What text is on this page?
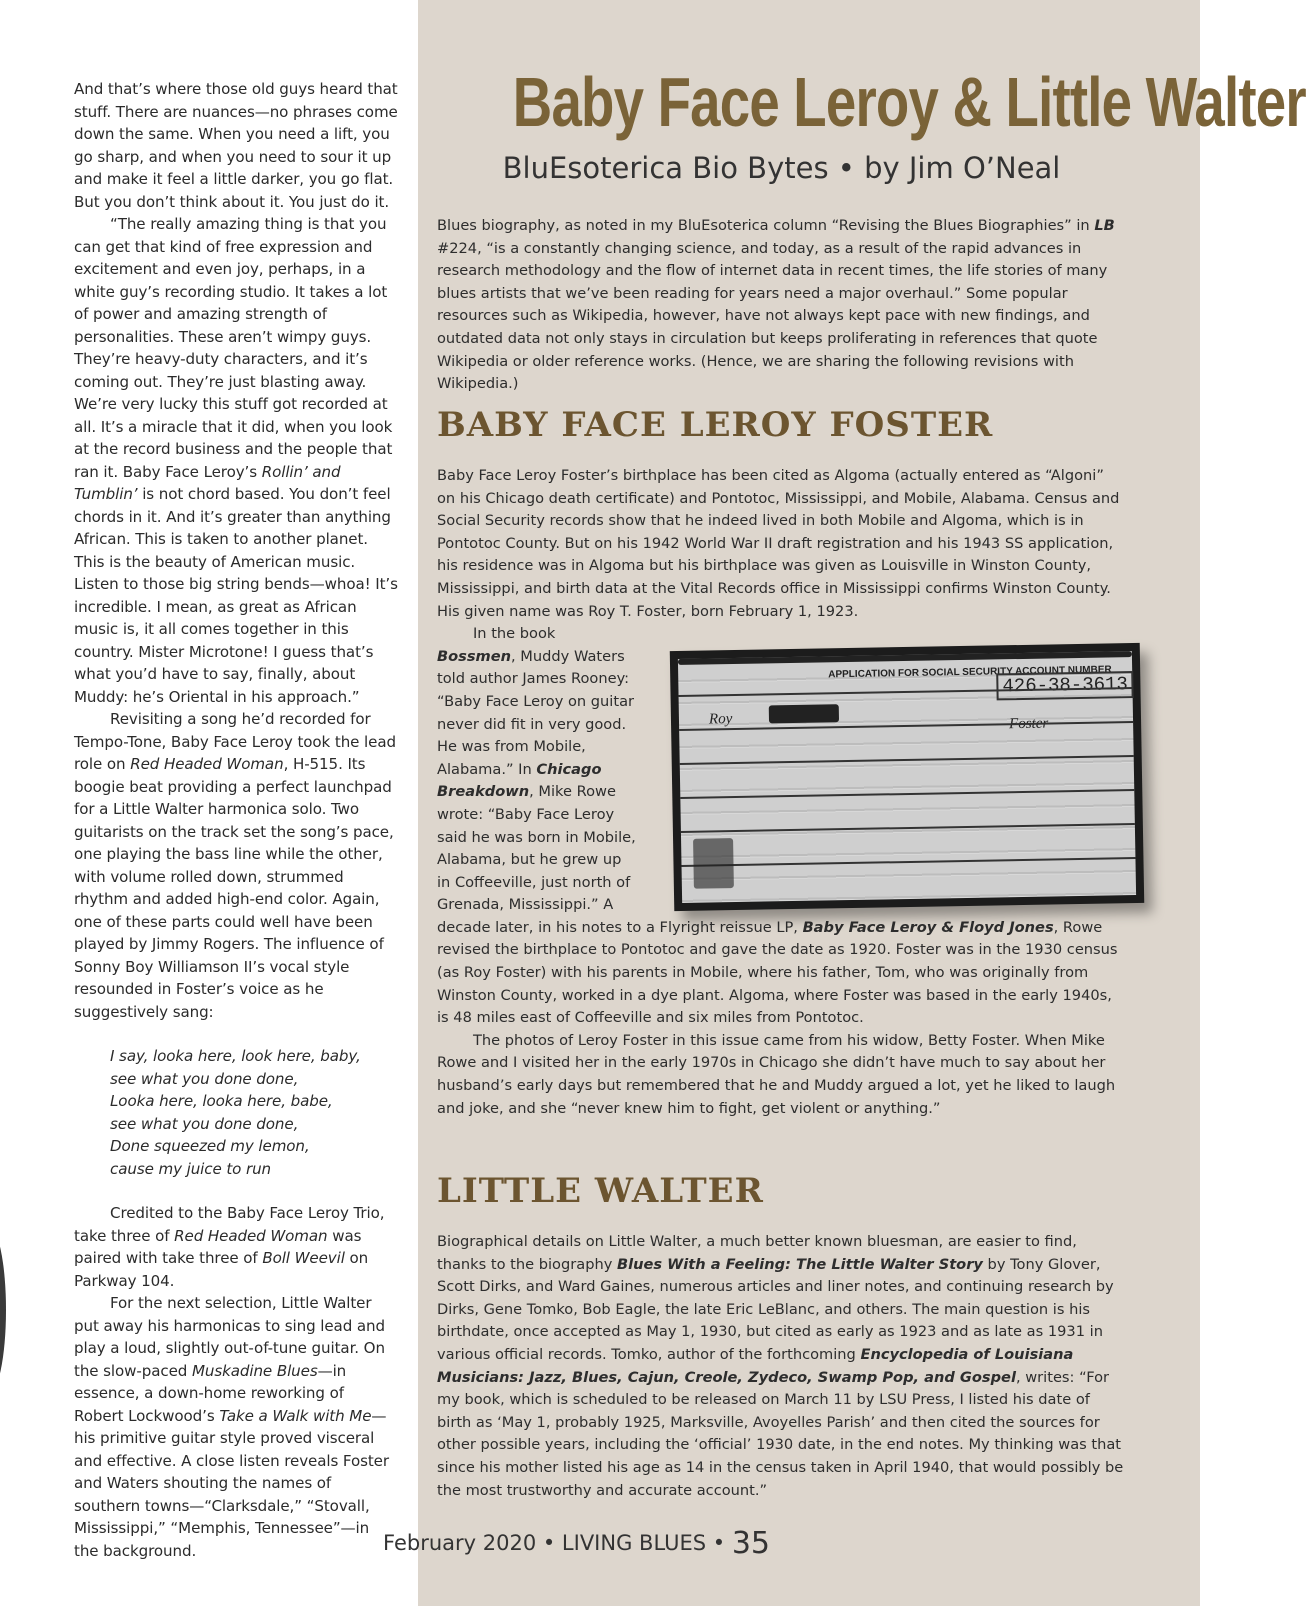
And that’s where those old guys heard that stuff. There are nuances—no phrases come down the same. When you need a lift, you go sharp, and when you need to sour it up and make it feel a little darker, you go flat. But you don’t think about it. You just do it.

“The really amazing thing is that you can get that kind of free expression and excitement and even joy, perhaps, in a white guy’s recording studio. It takes a lot of power and amazing strength of personalities. These aren’t wimpy guys. They’re heavy-duty characters, and it’s coming out. They’re just blasting away. We’re very lucky this stuff got recorded at all. It’s a miracle that it did, when you look at the record business and the people that ran it. Baby Face Leroy’s Rollin’ and Tumblin’ is not chord based. You don’t feel chords in it. And it’s greater than anything African. This is taken to another planet. This is the beauty of American music. Listen to those big string bends—whoa! It’s incredible. I mean, as great as African music is, it all comes together in this country. Mister Microtone! I guess that’s what you’d have to say, finally, about Muddy: he’s Oriental in his approach.”

Revisiting a song he’d recorded for Tempo-Tone, Baby Face Leroy took the lead role on Red Headed Woman, H-515. Its boogie beat providing a perfect launchpad for a Little Walter harmonica solo. Two guitarists on the track set the song’s pace, one playing the bass line while the other, with volume rolled down, strummed rhythm and added high-end color. Again, one of these parts could well have been played by Jimmy Rogers. The influence of Sonny Boy Williamson II’s vocal style resounded in Foster’s voice as he suggestively sang:

I say, looka here, look here, baby,
see what you done done,
Looka here, looka here, babe,
see what you done done,
Done squeezed my lemon,
cause my juice to run

Credited to the Baby Face Leroy Trio, take three of Red Headed Woman was paired with take three of Boll Weevil on Parkway 104.

For the next selection, Little Walter put away his harmonicas to sing lead and play a loud, slightly out-of-tune guitar. On the slow-paced Muskadine Blues—in essence, a down-home reworking of Robert Lockwood’s Take a Walk with Me—his primitive guitar style proved visceral and effective. A close listen reveals Foster and Waters shouting the names of southern towns—“Clarksdale,” “Stovall, Mississippi,” “Memphis, Tennessee”—in the background.

Baby Face Leroy & Little Walter
BluEsoterica Bio Bytes • by Jim O’Neal

Blues biography, as noted in my BluEsoterica column “Revising the Blues Biographies” in LB #224, “is a constantly changing science, and today, as a result of the rapid advances in research methodology and the flow of internet data in recent times, the life stories of many blues artists that we’ve been reading for years need a major overhaul.” Some popular resources such as Wikipedia, however, have not always kept pace with new findings, and outdated data not only stays in circulation but keeps proliferating in references that quote Wikipedia or older reference works. (Hence, we are sharing the following revisions with Wikipedia.)

BABY FACE LEROY FOSTER

Baby Face Leroy Foster’s birthplace has been cited as Algoma (actually entered as “Algoni” on his Chicago death certificate) and Pontotoc, Mississippi, and Mobile, Alabama. Census and Social Security records show that he indeed lived in both Mobile and Algoma, which is in Pontotoc County. But on his 1942 World War II draft registration and his 1943 SS application, his residence was in Algoma but his birthplace was given as Louisville in Winston County, Mississippi, and birth data at the Vital Records office in Mississippi confirms Winston County. His given name was Roy T. Foster, born February 1, 1923.

APPLICATION FOR SOCIAL SECURITY ACCOUNT NUMBER
426-38-3613
Roy

In the book Bossmen, Muddy Waters told author James Rooney: “Baby Face Leroy on guitar never did fit in very good. He was from Mobile, Alabama.” In Chicago Breakdown, Mike Rowe wrote: “Baby Face Leroy said he was born in Mobile, Alabama, but he grew up in Coffeeville, just north of Grenada, Mississippi.” A decade later, in his notes to a Flyright reissue LP, Baby Face Leroy & Floyd Jones, Rowe revised the birthplace to Pontotoc and gave the date as 1920. Foster was in the 1930 census (as Roy Foster) with his parents in Mobile, where his father, Tom, who was originally from Winston County, worked in a dye plant. Algoma, where Foster was based in the early 1940s, is 48 miles east of Coffeeville and six miles from Pontotoc.

The photos of Leroy Foster in this issue came from his widow, Betty Foster. When Mike Rowe and I visited her in the early 1970s in Chicago she didn’t have much to say about her husband’s early days but remembered that he and Muddy argued a lot, yet he liked to laugh and joke, and she “never knew him to fight, get violent or anything.”

LITTLE WALTER

Biographical details on Little Walter, a much better known bluesman, are easier to find, thanks to the biography Blues With a Feeling: The Little Walter Story by Tony Glover, Scott Dirks, and Ward Gaines, numerous articles and liner notes, and continuing research by Dirks, Gene Tomko, Bob Eagle, the late Eric LeBlanc, and others. The main question is his birthdate, once accepted as May 1, 1930, but cited as early as 1923 and as late as 1931 in various official records. Tomko, author of the forthcoming Encyclopedia of Louisiana Musicians: Jazz, Blues, Cajun, Creole, Zydeco, Swamp Pop, and Gospel, writes: “For my book, which is scheduled to be released on March 11 by LSU Press, I listed his date of birth as ‘May 1, probably 1925, Marksville, Avoyelles Parish’ and then cited the sources for other possible years, including the ‘official’ 1930 date, in the end notes. My thinking was that since his mother listed his age as 14 in the census taken in April 1940, that would possibly be the most trustworthy and accurate account.”

February 2020 • LIVING BLUES • 35
